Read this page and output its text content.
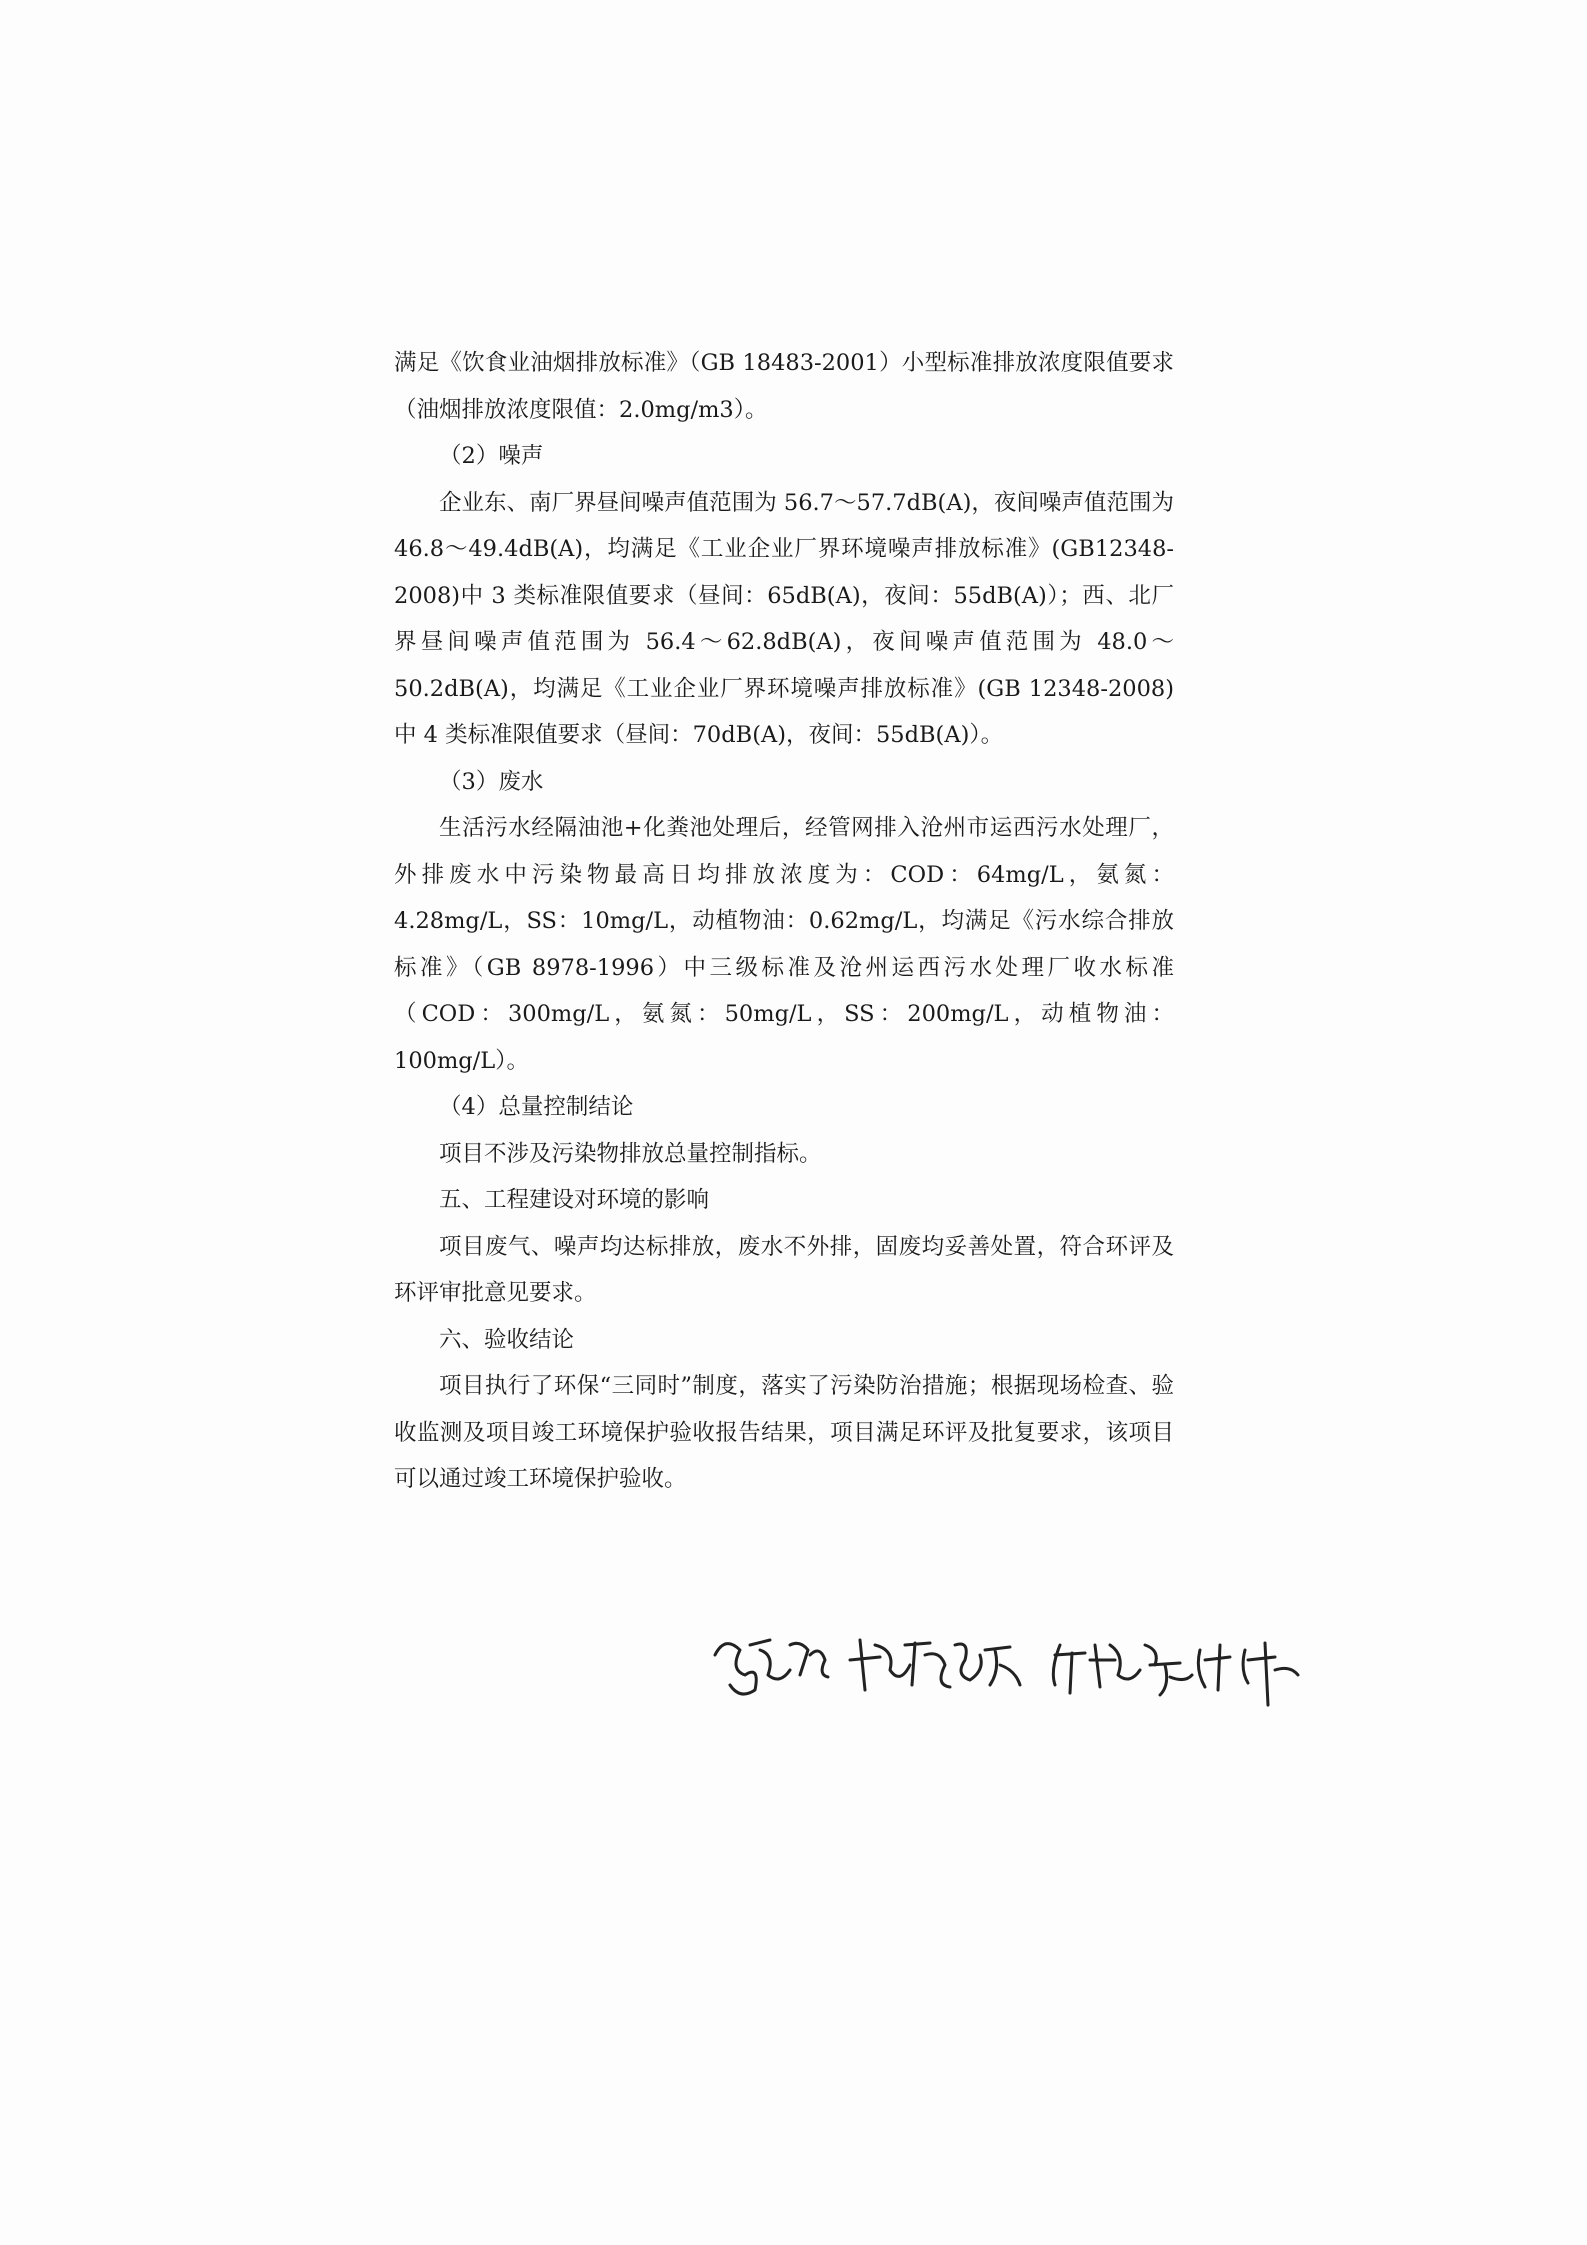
满足《饮食业油烟排放标准》（GB 18483-2001）小型标准排放浓度限值要求（油烟排放浓度限值：2.0mg/m3）。

（2）噪声

企业东、南厂界昼间噪声值范围为 56.7～57.7dB(A)，夜间噪声值范围为 46.8～49.4dB(A)，均满足《工业企业厂界环境噪声排放标准》(GB12348-2008)中 3 类标准限值要求（昼间：65dB(A)，夜间：55dB(A)）；西、北厂界昼间噪声值范围为 56.4～62.8dB(A)，夜间噪声值范围为 48.0～50.2dB(A)，均满足《工业企业厂界环境噪声排放标准》(GB 12348-2008)中 4 类标准限值要求（昼间：70dB(A)，夜间：55dB(A)）。

（3）废水

生活污水经隔油池+化粪池处理后，经管网排入沧州市运西污水处理厂，外排废水中污染物最高日均排放浓度为：COD：64mg/L，氨氮：4.28mg/L，SS：10mg/L，动植物油：0.62mg/L，均满足《污水综合排放标准》（GB 8978-1996）中三级标准及沧州运西污水处理厂收水标准（COD：300mg/L，氨氮：50mg/L，SS：200mg/L，动植物油：100mg/L）。

（4）总量控制结论

项目不涉及污染物排放总量控制指标。

五、工程建设对环境的影响

项目废气、噪声均达标排放，废水不外排，固废均妥善处置，符合环评及环评审批意见要求。

六、验收结论

项目执行了环保“三同时”制度，落实了污染防治措施；根据现场检查、验收监测及项目竣工环境保护验收报告结果，项目满足环评及批复要求，该项目可以通过竣工环境保护验收。
